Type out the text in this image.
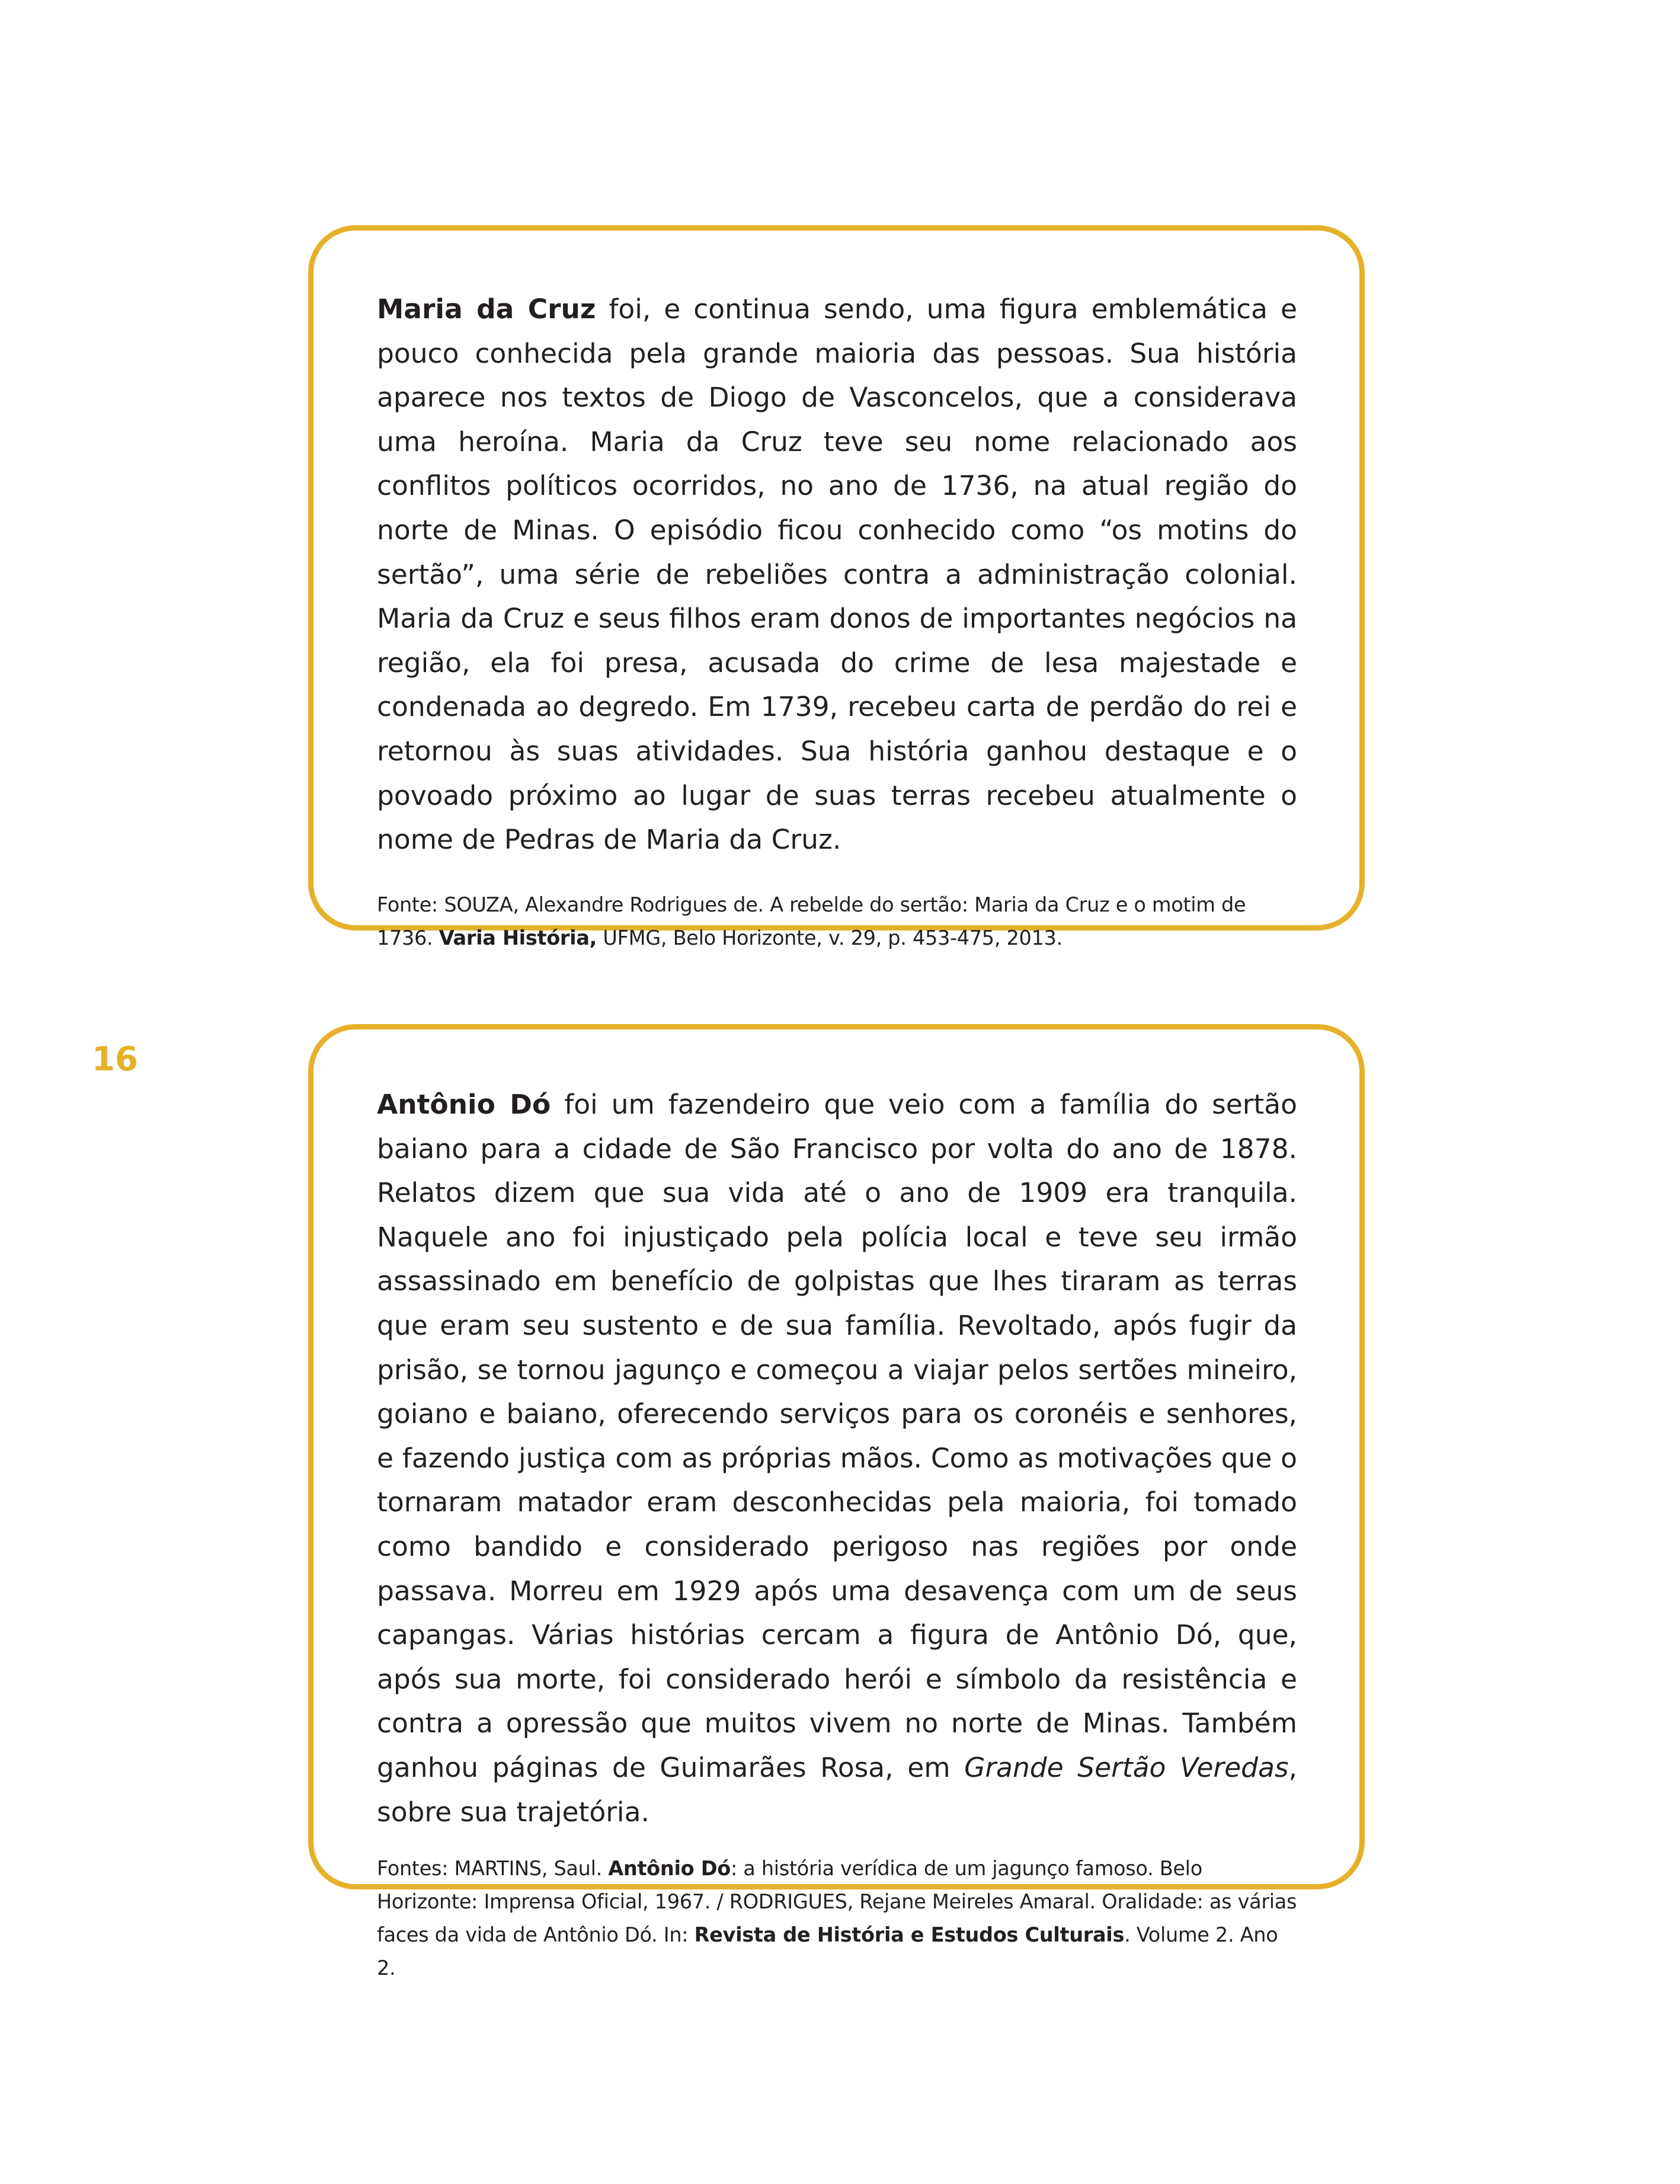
16

Maria da Cruz foi, e continua sendo, uma figura emblemática e pouco conhecida pela grande maioria das pessoas. Sua história aparece nos textos de Diogo de Vasconcelos, que a considerava uma heroína. Maria da Cruz teve seu nome relacionado aos conflitos políticos ocorridos, no ano de 1736, na atual região do norte de Minas. O episódio ficou conhecido como “os motins do sertão”, uma série de rebeliões contra a administração colonial. Maria da Cruz e seus filhos eram donos de importantes negócios na região, ela foi presa, acusada do crime de lesa majestade e condenada ao degredo. Em 1739, recebeu carta de perdão do rei e retornou às suas atividades. Sua história ganhou destaque e o povoado próximo ao lugar de suas terras recebeu atualmente o nome de Pedras de Maria da Cruz.

Fonte: SOUZA, Alexandre Rodrigues de. A rebelde do sertão: Maria da Cruz e o motim de 1736. Varia História, UFMG, Belo Horizonte, v. 29, p. 453-475, 2013.

Antônio Dó foi um fazendeiro que veio com a família do sertão baiano para a cidade de São Francisco por volta do ano de 1878. Relatos dizem que sua vida até o ano de 1909 era tranquila. Naquele ano foi injustiçado pela polícia local e teve seu irmão assassinado em benefício de golpistas que lhes tiraram as terras que eram seu sustento e de sua família. Revoltado, após fugir da prisão, se tornou jagunço e começou a viajar pelos sertões mineiro, goiano e baiano, oferecendo serviços para os coronéis e senhores, e fazendo justiça com as próprias mãos. Como as motivações que o tornaram matador eram desconhecidas pela maioria, foi tomado como bandido e considerado perigoso nas regiões por onde passava. Morreu em 1929 após uma desavença com um de seus capangas. Várias histórias cercam a figura de Antônio Dó, que, após sua morte, foi considerado herói e símbolo da resistência e contra a opressão que muitos vivem no norte de Minas. Também ganhou páginas de Guimarães Rosa, em Grande Sertão Veredas, sobre sua trajetória.

Fontes: MARTINS, Saul. Antônio Dó: a história verídica de um jagunço famoso. Belo Horizonte: Imprensa Oficial, 1967. / RODRIGUES, Rejane Meireles Amaral. Oralidade: as várias faces da vida de Antônio Dó. In: Revista de História e Estudos Culturais. Volume 2. Ano 2.
